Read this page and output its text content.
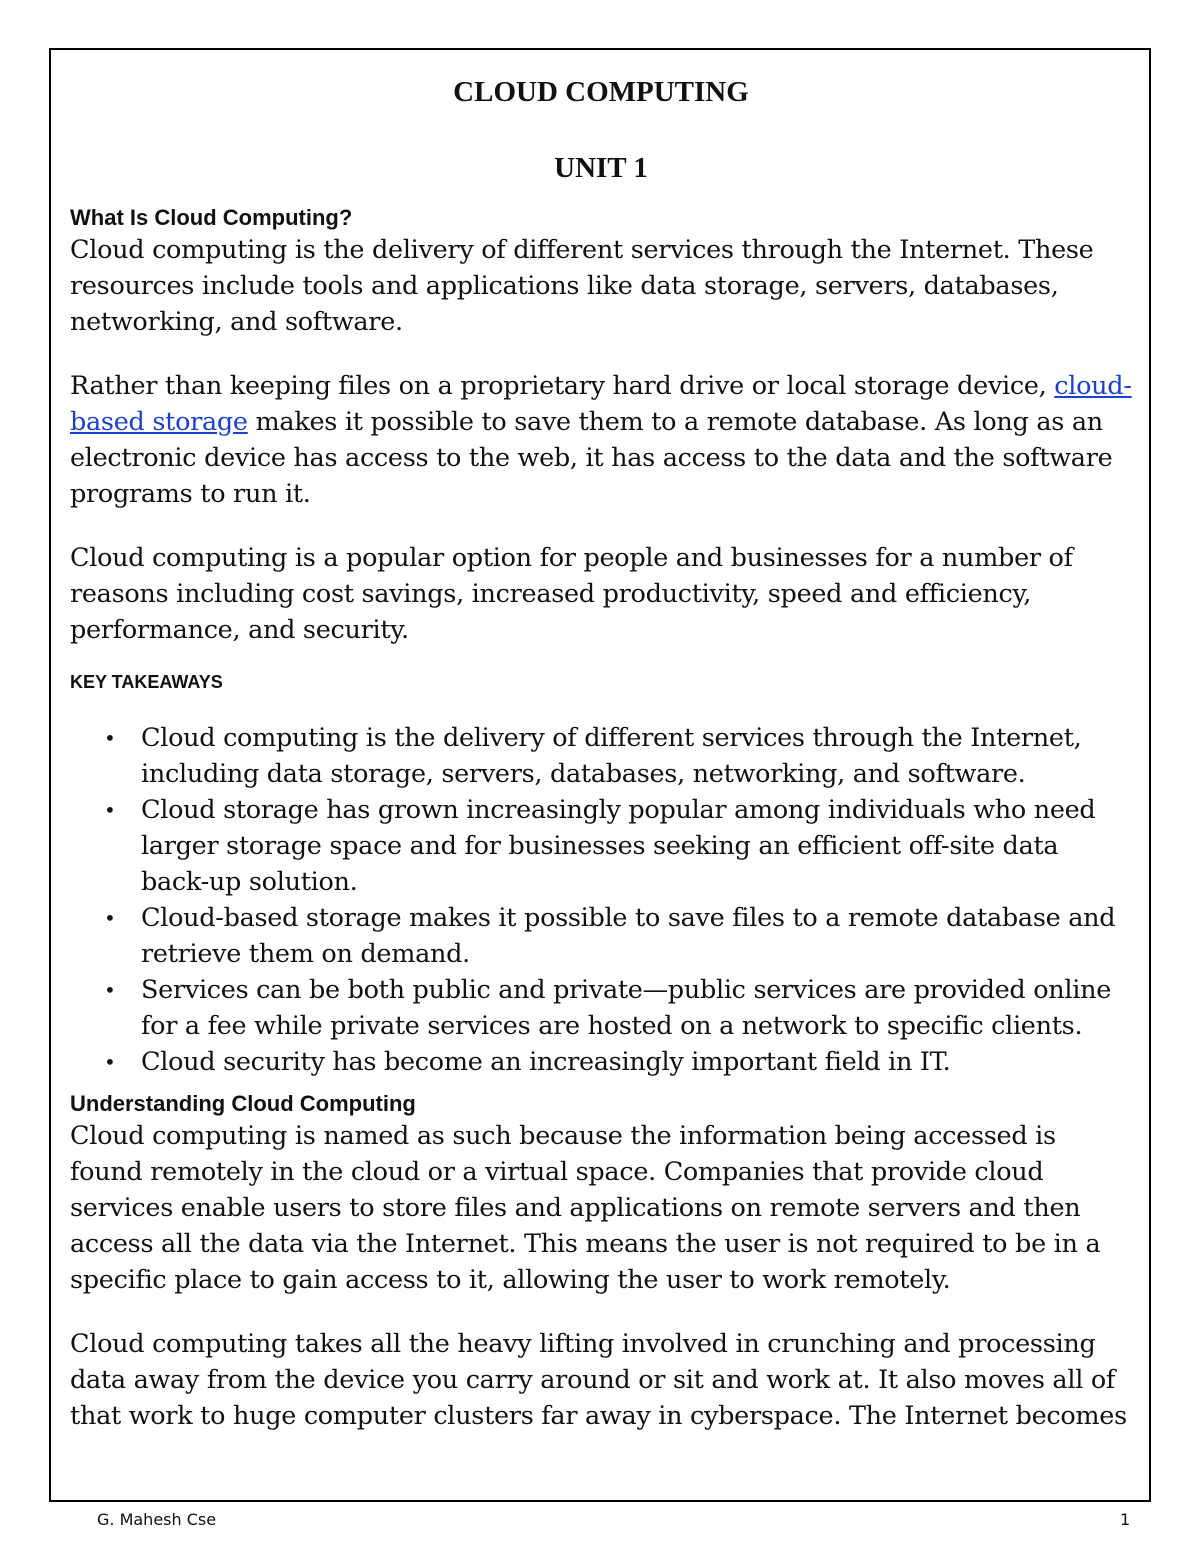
CLOUD COMPUTING
UNIT 1
What Is Cloud Computing?

Cloud computing is the delivery of different services through the Internet. These resources include tools and applications like data storage, servers, databases, networking, and software.

Rather than keeping files on a proprietary hard drive or local storage device, cloud-based storage makes it possible to save them to a remote database. As long as an electronic device has access to the web, it has access to the data and the software programs to run it.

Cloud computing is a popular option for people and businesses for a number of reasons including cost savings, increased productivity, speed and efficiency, performance, and security.

KEY TAKEAWAYS
• Cloud computing is the delivery of different services through the Internet, including data storage, servers, databases, networking, and software.
• Cloud storage has grown increasingly popular among individuals who need larger storage space and for businesses seeking an efficient off-site data back-up solution.
• Cloud-based storage makes it possible to save files to a remote database and retrieve them on demand.
• Services can be both public and private—public services are provided online for a fee while private services are hosted on a network to specific clients.
• Cloud security has become an increasingly important field in IT.
Understanding Cloud Computing

Cloud computing is named as such because the information being accessed is found remotely in the cloud or a virtual space. Companies that provide cloud services enable users to store files and applications on remote servers and then access all the data via the Internet. This means the user is not required to be in a specific place to gain access to it, allowing the user to work remotely.

Cloud computing takes all the heavy lifting involved in crunching and processing data away from the device you carry around or sit and work at. It also moves all of that work to huge computer clusters far away in cyberspace. The Internet becomes

G. Mahesh Cse	1
